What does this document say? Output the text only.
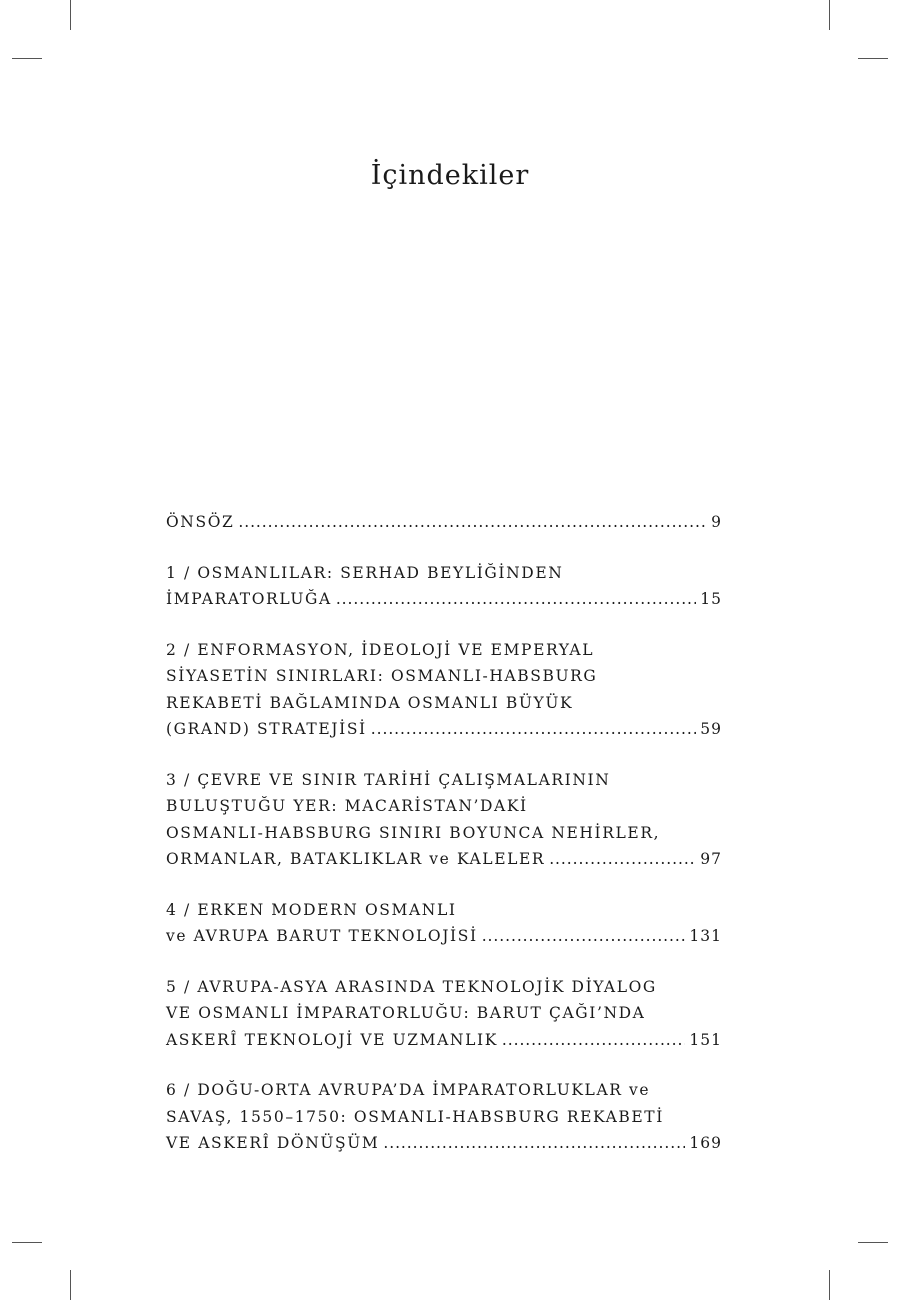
İçindekiler
ÖNSÖZ . . .	9
1 / OSMANLILAR: SERHAD BEYLİĞİNDEN
İMPARATORLUĞA . . .	15
2 / ENFORMASYON, İDEOLOJİ VE EMPERYAL
SİYASETİN SINIRLARI: OSMANLI-HABSBURG
REKABETİ BAĞLAMINDA OSMANLI BÜYÜK
(GRAND) STRATEJİSİ . . .	59
3 / ÇEVRE VE SINIR TARİHİ ÇALIŞMALARININ
BULUŞTUĞU YER: MACARİSTAN’DAKİ
OSMANLI-HABSBURG SINIRI BOYUNCA NEHİRLER,
ORMANLAR, BATAKLIKLAR ve KALELER . . .	97
4 / ERKEN MODERN OSMANLI
ve AVRUPA BARUT TEKNOLOJİSİ . . .	131
5 / AVRUPA-ASYA ARASINDA TEKNOLOJİK DİYALOG
VE OSMANLI İMPARATORLUĞU: BARUT ÇAĞI’NDA
ASKERÎ TEKNOLOJİ VE UZMANLIK . . .	151
6 / DOĞU-ORTA AVRUPA’DA İMPARATORLUKLAR ve
SAVAŞ, 1550–1750: OSMANLI-HABSBURG REKABETİ
VE ASKERÎ DÖNÜŞÜM . . .	169
